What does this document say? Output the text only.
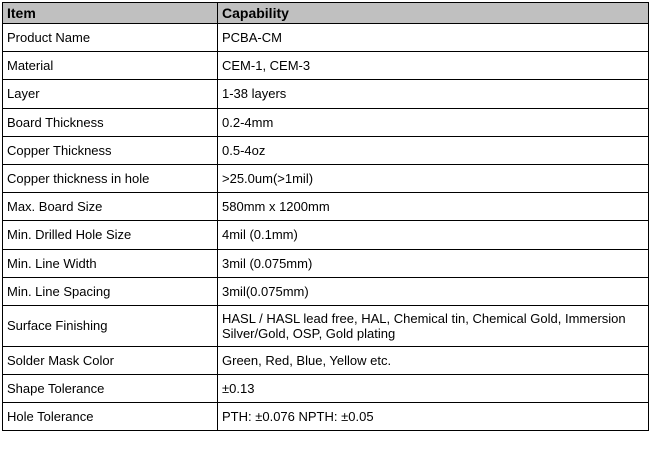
Item	Capability
Product Name	PCBA-CM
Material	CEM-1, CEM-3
Layer	1-38 layers
Board Thickness	0.2-4mm
Copper Thickness	0.5-4oz
Copper thickness in hole	>25.0um(>1mil)
Max. Board Size	580mm x 1200mm
Min. Drilled Hole Size	4mil (0.1mm)
Min. Line Width	3mil (0.075mm)
Min. Line Spacing	3mil(0.075mm)
Surface Finishing	HASL / HASL lead free, HAL, Chemical tin, Chemical Gold, Immersion Silver/Gold, OSP, Gold plating
Solder Mask Color	Green, Red, Blue, Yellow etc.
Shape Tolerance	±0.13
Hole Tolerance	PTH: ±0.076 NPTH: ±0.05
